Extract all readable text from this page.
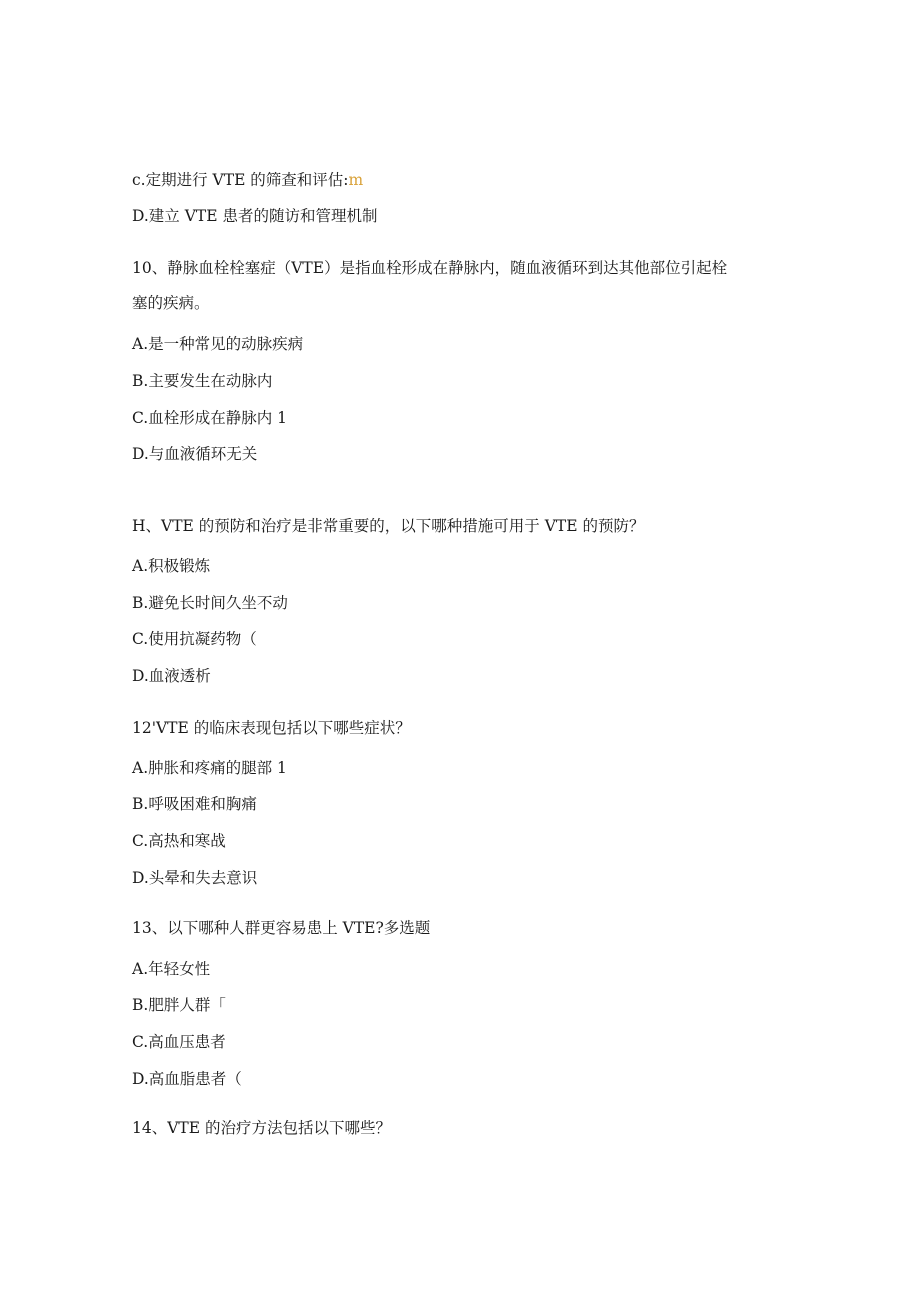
c.定期进行 VTE 的筛查和评估:m
D.建立 VTE 患者的随访和管理机制
10、静脉血栓栓塞症（VTE）是指血栓形成在静脉内，随血液循环到达其他部位引起栓
塞的疾病。
A.是一种常见的动脉疾病
B.主要发生在动脉内
C.血栓形成在静脉内 1
D.与血液循环无关
H、VTE 的预防和治疗是非常重要的，以下哪种措施可用于 VTE 的预防？
A.积极锻炼
B.避免长时间久坐不动
C.使用抗凝药物（
D.血液透析
12'VTE 的临床表现包括以下哪些症状？
A.肿胀和疼痛的腿部 1
B.呼吸困难和胸痛
C.高热和寒战
D.头晕和失去意识
13、以下哪种人群更容易患上 VTE?多选题
A.年轻女性
B.肥胖人群「
C.高血压患者
D.高血脂患者（
14、VTE 的治疗方法包括以下哪些？
